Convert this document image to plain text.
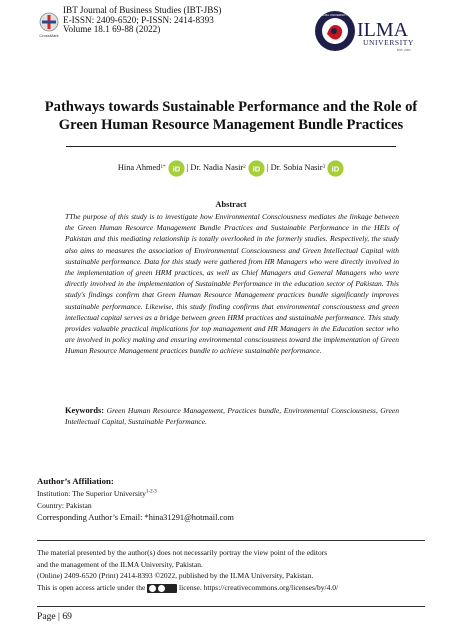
CrossMark
IBT Journal of Business Studies (IBT-JBS)
E-ISSN: 2409-6520; P-ISSN: 2414-8393
Volume 18.1 69-88 (2022)
ILMA UNIVERSITY
ILMA
UNIVERSITY
EST. 2001
Pathways towards Sustainable Performance and the Role of
Green Human Resource Management Bundle Practices
Hina Ahmed1* iD | Dr. Nadia Nasir2 iD | Dr. Sobia Nasir3 iD
Abstract
TThe purpose of this study is to investigate how Environmental Consciousness mediates the linkage between the Green Human Resource Management Bundle Practices and Sustainable Performance in the HEIs of Pakistan and this mediating relationship is totally overlooked in the formerly studies. Respectively, the study also aims to measures the association of Environmental Consciousness and Green Intellectual Capital with sustainable performance. Data for this study were gathered from HR Managers who were directly involved in the implementation of green HRM practices, as well as Chief Managers and General Managers who were directly involved in the implementation of Sustainable Performance in the education sector of Pakistan. This study's findings confirm that Green Human Resource Management practices bundle significantly improves sustainable performance. Likewise, this study finding confirms that environmental consciousness and green intellectual capital serves as a bridge between green HRM practices and sustainable performance. This study provides valuable practical implications for top management and HR Managers in the Education sector who are involved in policy making and ensuring environmental consciousness toward the implementation of Green Human Resource Management practices bundle to achieve sustainable performance.
Keywords: Green Human Resource Management, Practices bundle, Environmental Consciousness, Green Intellectual Capital, Sustainable Performance.
Author’s Affiliation:
Institution: The Superior University$^{1-2-3}$
Country: Pakistan
Corresponding Author’s Email: *hina31291@hotmail.com
The material presented by the author(s) does not necessarily portray the view point of the editors
and the management of the ILMA University, Pakistan.
(Online) 2409-6520 (Print) 2414-8393 ©2022, published by the ILMA University, Pakistan.
This is open access article under the	license. https://creativecommons.org/licenses/by/4.0/
Page | 69
